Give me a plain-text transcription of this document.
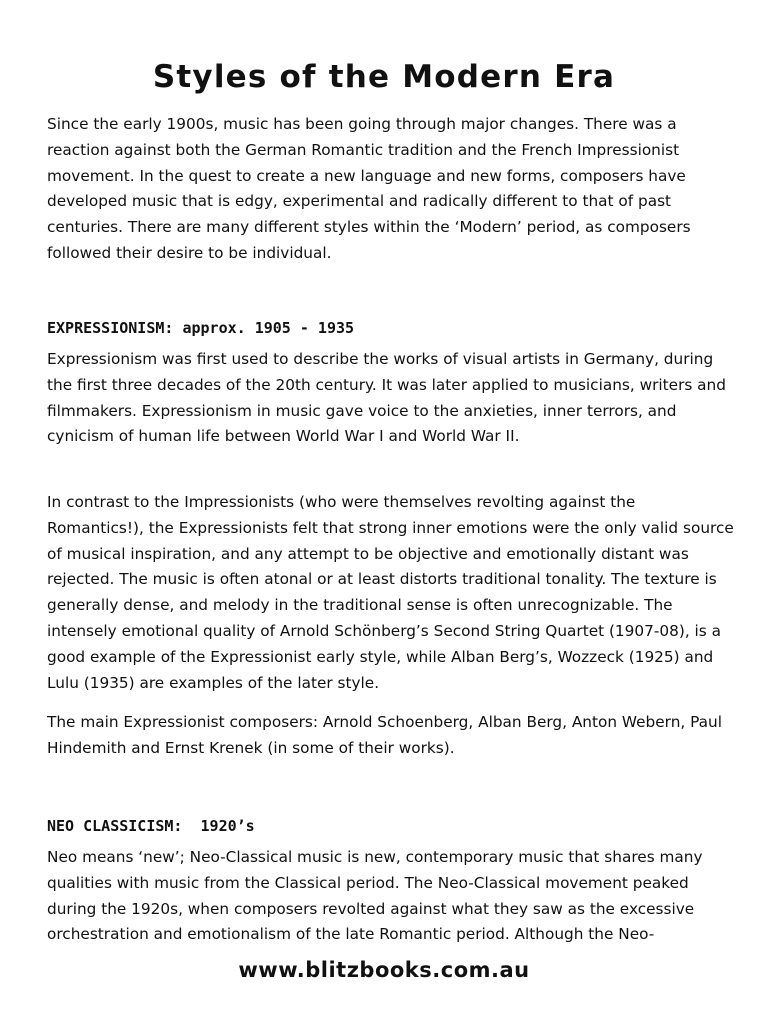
Styles of the Modern Era

Since the early 1900s, music has been going through major changes. There was a reaction against both the German Romantic tradition and the French Impressionist movement. In the quest to create a new language and new forms, composers have developed music that is edgy, experimental and radically different to that of past centuries. There are many different styles within the ‘Modern’ period, as composers followed their desire to be individual.

EXPRESSIONISM: approx. 1905 - 1935

Expressionism was first used to describe the works of visual artists in Germany, during the first three decades of the 20th century. It was later applied to musicians, writers and filmmakers. Expressionism in music gave voice to the anxieties, inner terrors, and cynicism of human life between World War I and World War II.

In contrast to the Impressionists (who were themselves revolting against the Romantics!), the Expressionists felt that strong inner emotions were the only valid source of musical inspiration, and any attempt to be objective and emotionally distant was rejected. The music is often atonal or at least distorts traditional tonality. The texture is generally dense, and melody in the traditional sense is often unrecognizable. The intensely emotional quality of Arnold Schönberg’s Second String Quartet (1907-08), is a good example of the Expressionist early style, while Alban Berg’s, Wozzeck (1925) and Lulu (1935) are examples of the later style.

The main Expressionist composers: Arnold Schoenberg, Alban Berg, Anton Webern, Paul Hindemith and Ernst Krenek (in some of their works).

NEO CLASSICISM:  1920’s

Neo means ‘new’; Neo-Classical music is new, contemporary music that shares many qualities with music from the Classical period. The Neo-Classical movement peaked during the 1920s, when composers revolted against what they saw as the excessive orchestration and emotionalism of the late Romantic period. Although the Neo-

www.blitzbooks.com.au
